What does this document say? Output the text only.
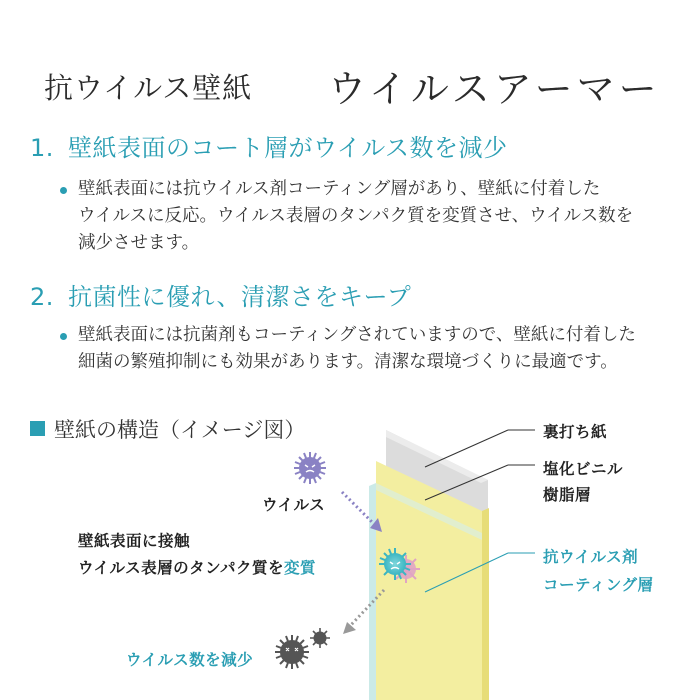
抗ウイルス壁紙 ウイルスアーマー
1. 壁紙表面のコート層がウイルス数を減少
壁紙表面には抗ウイルス剤コーティング層があり、壁紙に付着した
ウイルスに反応。ウイルス表層のタンパク質を変質させ、ウイルス数を
減少させます。
2. 抗菌性に優れ、清潔さをキープ
壁紙表面には抗菌剤もコーティングされていますので、壁紙に付着した
細菌の繁殖抑制にも効果があります。清潔な環境づくりに最適です。
壁紙の構造（イメージ図）
ウイルス
壁紙表面に接触
ウイルス表層のタンパク質を変質
ウイルス数を減少
裏打ち紙
塩化ビニル
樹脂層
抗ウイルス剤
コーティング層
